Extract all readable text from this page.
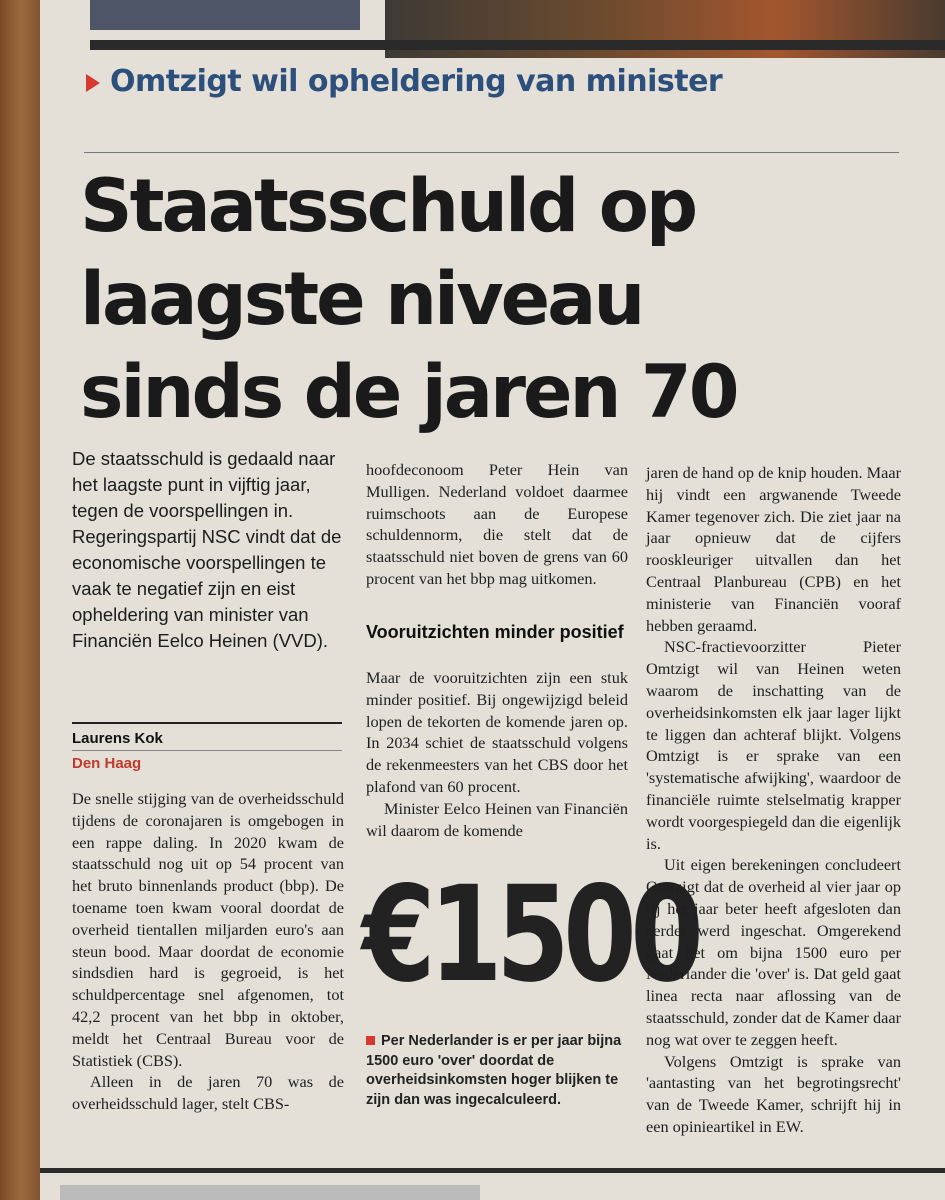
Omtzigt wil opheldering van minister
Staatsschuld op
laagste niveau
sinds de jaren 70
De staatsschuld is gedaald naar het laagste punt in vijftig jaar, tegen de voorspellingen in. Regeringspartij NSC vindt dat de economische voorspellingen te vaak te negatief zijn en eist opheldering van minister van Financiën Eelco Heinen (VVD).
Laurens Kok
Den Haag

De snelle stijging van de overheidsschuld tijdens de coronajaren is omgebogen in een rappe daling. In 2020 kwam de staatsschuld nog uit op 54 procent van het bruto binnenlands product (bbp). De toename toen kwam vooral doordat de overheid tientallen miljarden euro's aan steun bood. Maar doordat de economie sindsdien hard is gegroeid, is het schuldpercentage snel afgenomen, tot 42,2 procent van het bbp in oktober, meldt het Centraal Bureau voor de Statistiek (CBS).

Alleen in de jaren 70 was de overheidsschuld lager, stelt CBS-

hoofdeconoom Peter Hein van Mulligen. Nederland voldoet daarmee ruimschoots aan de Europese schuldennorm, die stelt dat de staatsschuld niet boven de grens van 60 procent van het bbp mag uitkomen.

Vooruitzichten minder positief

Maar de vooruitzichten zijn een stuk minder positief. Bij ongewijzigd beleid lopen de tekorten de komende jaren op. In 2034 schiet de staatsschuld volgens de rekenmeesters van het CBS door het plafond van 60 procent.

Minister Eelco Heinen van Financiën wil daarom de komende

€1500
Per Nederlander is er per jaar bijna 1500 euro 'over' doordat de overheidsinkomsten hoger blijken te zijn dan was ingecalculeerd.

jaren de hand op de knip houden. Maar hij vindt een argwanende Tweede Kamer tegenover zich. Die ziet jaar na jaar opnieuw dat de cijfers rooskleuriger uitvallen dan het Centraal Planbureau (CPB) en het ministerie van Financiën vooraf hebben geraamd.

NSC-fractievoorzitter Pieter Omtzigt wil van Heinen weten waarom de inschatting van de overheidsinkomsten elk jaar lager lijkt te liggen dan achteraf blijkt. Volgens Omtzigt is er sprake van een 'systematische afwijking', waardoor de financiële ruimte stelselmatig krapper wordt voorgespiegeld dan die eigenlijk is.

Uit eigen berekeningen concludeert Omtzigt dat de overheid al vier jaar op rij het jaar beter heeft afgesloten dan eerder werd ingeschat. Omgerekend gaat het om bijna 1500 euro per Nederlander die 'over' is. Dat geld gaat linea recta naar aflossing van de staatsschuld, zonder dat de Kamer daar nog wat over te zeggen heeft.

Volgens Omtzigt is sprake van 'aantasting van het begrotingsrecht' van de Tweede Kamer, schrijft hij in een opinieartikel in EW.
